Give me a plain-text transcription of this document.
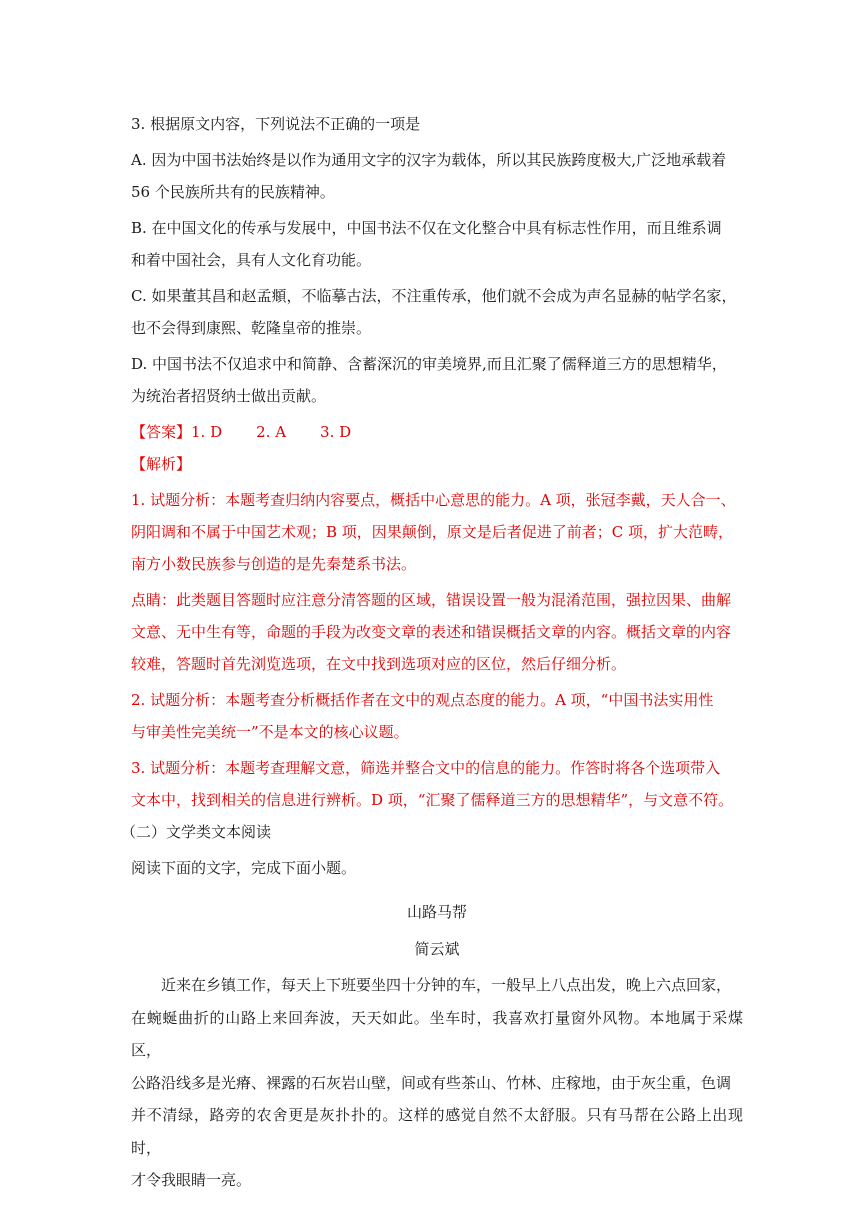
3. 根据原文内容，下列说法不正确的一项是

A. 因为中国书法始终是以作为通用文字的汉字为载体，所以其民族跨度极大,广泛地承载着

56 个民族所共有的民族精神。

B. 在中国文化的传承与发展中，中国书法不仅在文化整合中具有标志性作用，而且维系调

和着中国社会，具有人文化育功能。

C. 如果董其昌和赵孟頫，不临摹古法，不注重传承，他们就不会成为声名显赫的帖学名家，

也不会得到康熙、乾隆皇帝的推崇。

D. 中国书法不仅追求中和简静、含蓄深沉的审美境界,而且汇聚了儒释道三方的思想精华，

为统治者招贤纳士做出贡献。

【答案】1. D 2. A 3. D

【解析】

1. 试题分析：本题考查归纳内容要点，概括中心意思的能力。A 项，张冠李戴，天人合一、

阴阳调和不属于中国艺术观；B 项，因果颠倒，原文是后者促进了前者；C 项，扩大范畴，

南方小数民族参与创造的是先秦楚系书法。

点睛：此类题目答题时应注意分清答题的区域，错误设置一般为混淆范围，强拉因果、曲解

文意、无中生有等，命题的手段为改变文章的表述和错误概括文章的内容。概括文章的内容

较难，答题时首先浏览选项，在文中找到选项对应的区位，然后仔细分析。

2. 试题分析：本题考查分析概括作者在文中的观点态度的能力。A 项，“中国书法实用性

与审美性完美统一”不是本文的核心议题。

3. 试题分析：本题考查理解文意，筛选并整合文中的信息的能力。作答时将各个选项带入

文本中，找到相关的信息进行辨析。D 项，“汇聚了儒释道三方的思想精华”，与文意不符。

（二）文学类文本阅读

阅读下面的文字，完成下面小题。

山路马帮

简云斌

近来在乡镇工作，每天上下班要坐四十分钟的车，一般早上八点出发，晚上六点回家，

在蜿蜒曲折的山路上来回奔波，天天如此。坐车时，我喜欢打量窗外风物。本地属于采煤区，

公路沿线多是光瘠、裸露的石灰岩山壁，间或有些茶山、竹林、庄稼地，由于灰尘重，色调

并不清绿，路旁的农舍更是灰扑扑的。这样的感觉自然不太舒服。只有马帮在公路上出现时，

才令我眼睛一亮。
